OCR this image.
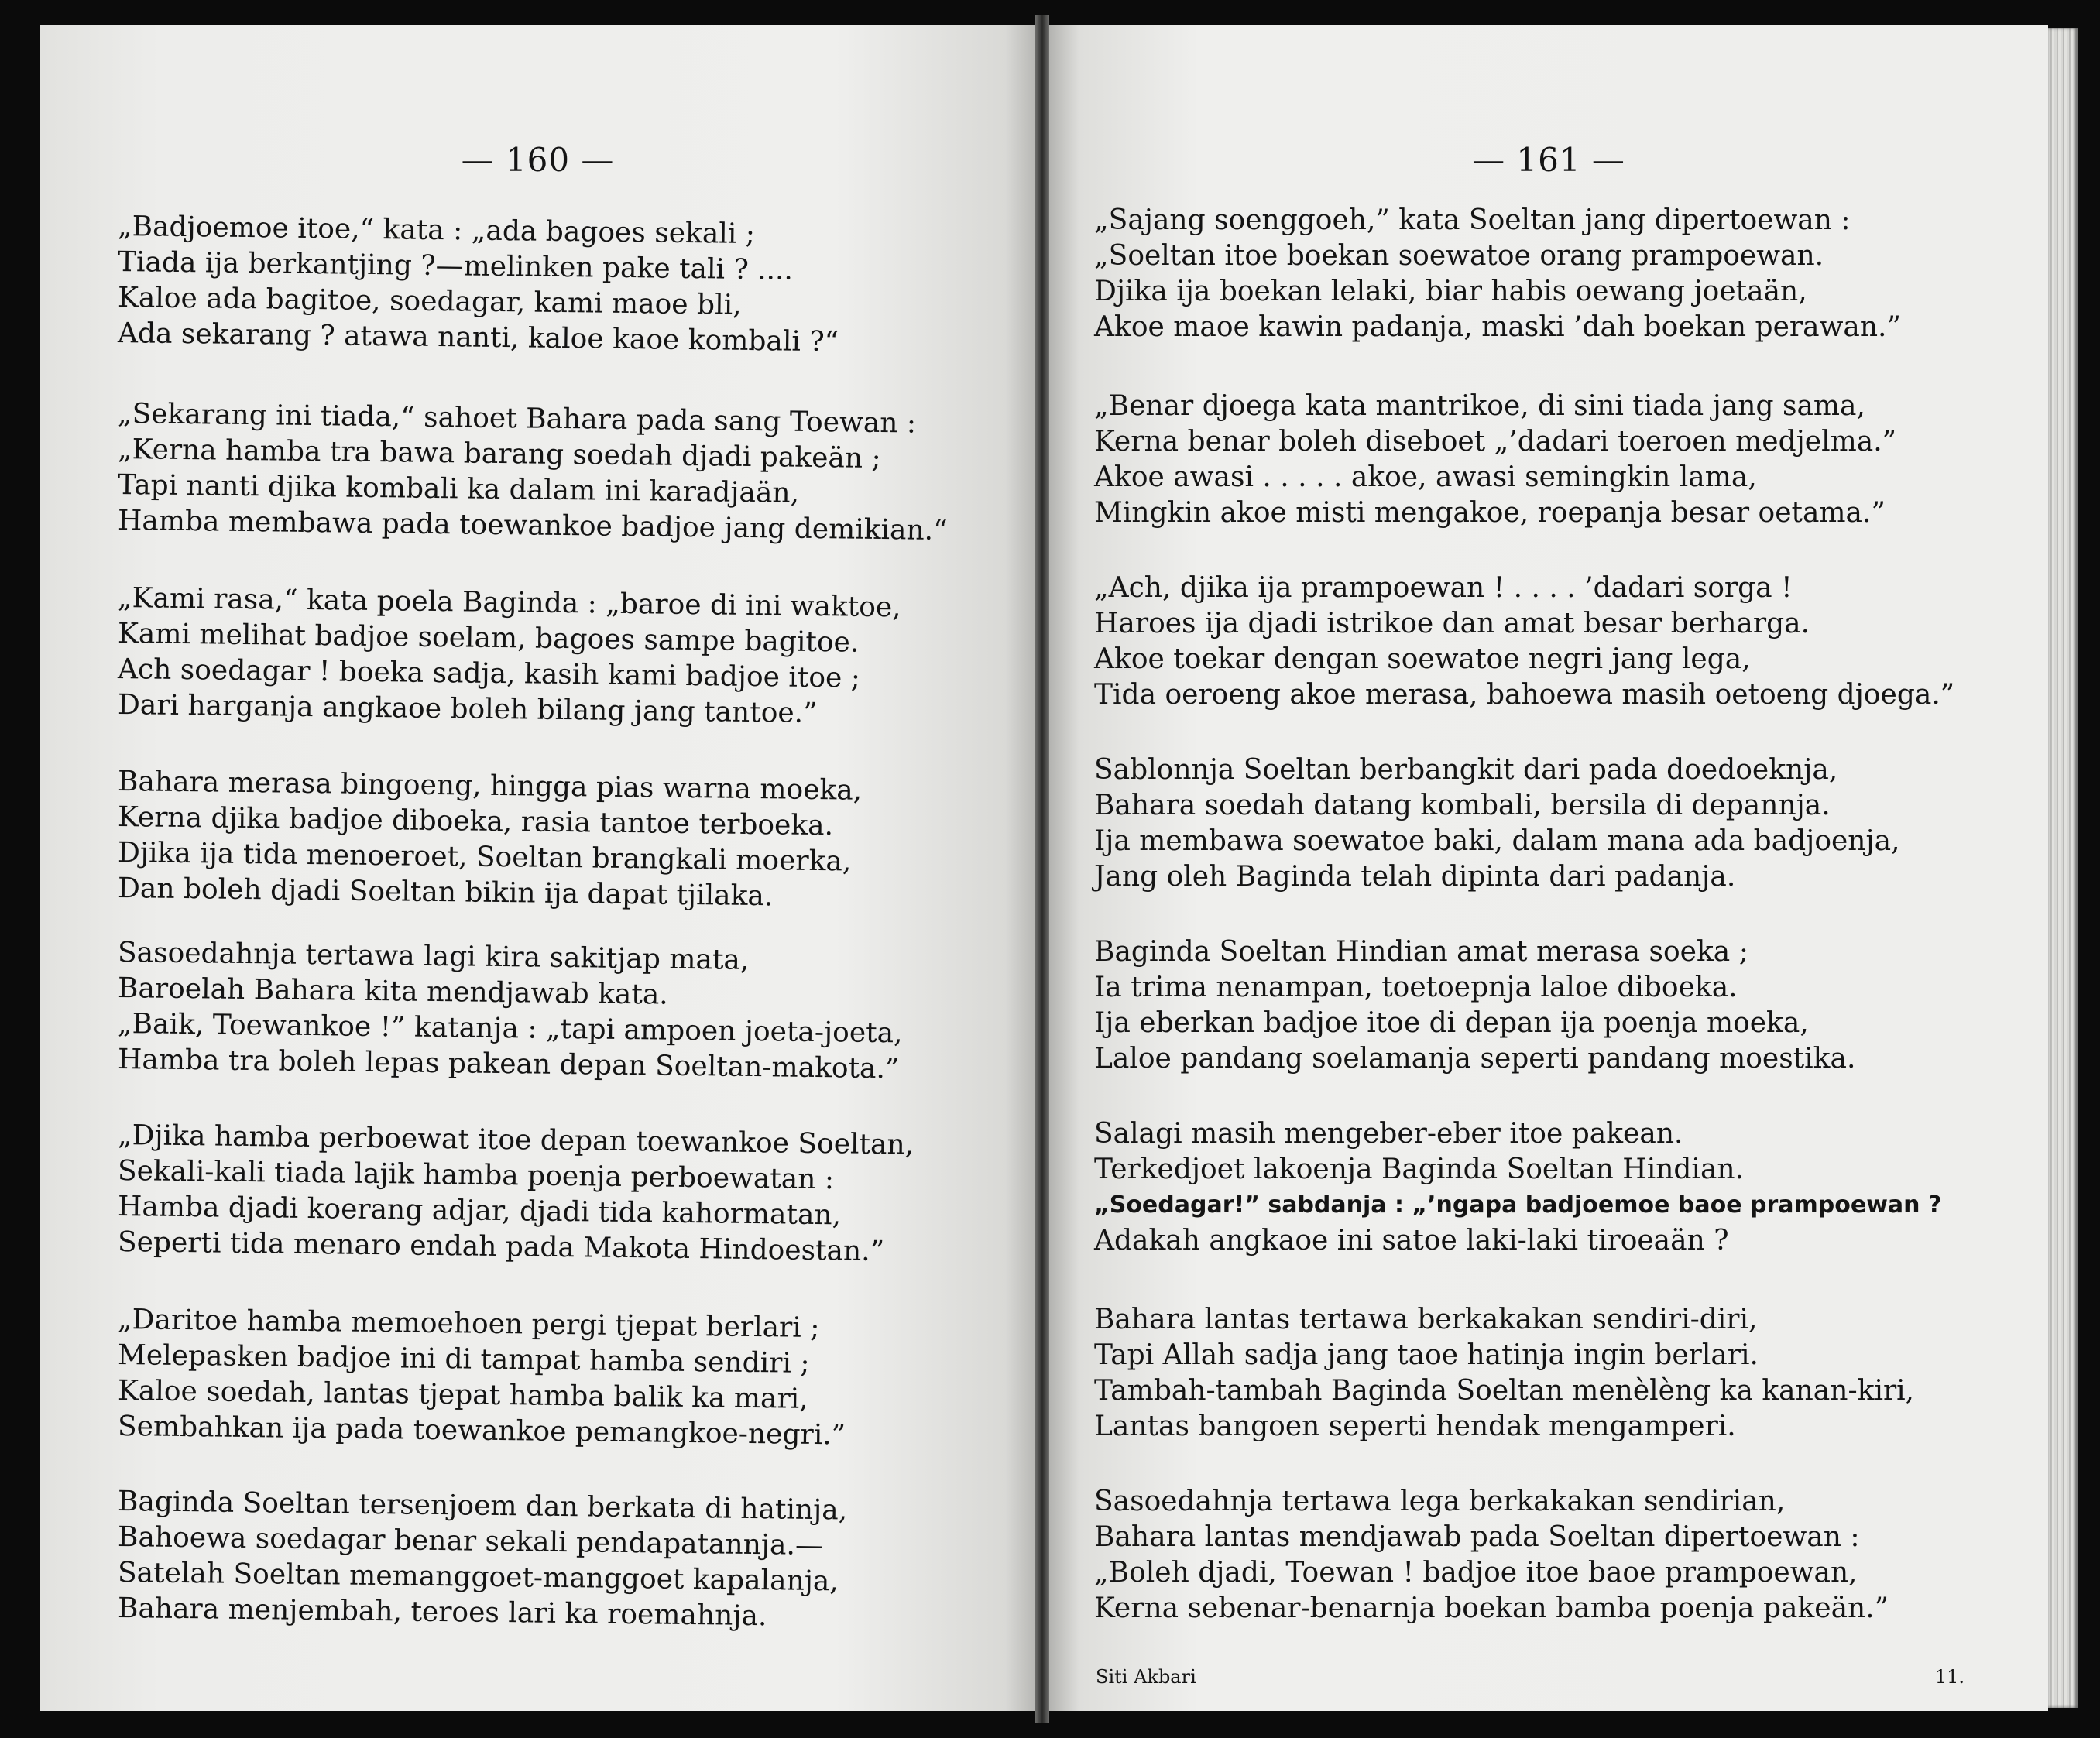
— 160 —
„Badjoemoe itoe,“ kata : „ada bagoes sekali ;
Tiada ija berkantjing ?—melinken pake tali ? ....
Kaloe ada bagitoe, soedagar, kami maoe bli,
Ada sekarang ? atawa nanti, kaloe kaoe kombali ?“
„Sekarang ini tiada,“ sahoet Bahara pada sang Toewan :
„Kerna hamba tra bawa barang soedah djadi pakeän ;
Tapi nanti djika kombali ka dalam ini karadjaän,
Hamba membawa pada toewankoe badjoe jang demikian.“
„Kami rasa,“ kata poela Baginda : „baroe di ini waktoe,
Kami melihat badjoe soelam, bagoes sampe bagitoe.
Ach soedagar ! boeka sadja, kasih kami badjoe itoe ;
Dari harganja angkaoe boleh bilang jang tantoe.”
Bahara merasa bingoeng, hingga pias warna moeka,
Kerna djika badjoe diboeka, rasia tantoe terboeka.
Djika ija tida menoeroet, Soeltan brangkali moerka,
Dan boleh djadi Soeltan bikin ija dapat tjilaka.
Sasoedahnja tertawa lagi kira sakitjap mata,
Baroelah Bahara kita mendjawab kata.
„Baik, Toewankoe !” katanja : „tapi ampoen joeta-joeta,
Hamba tra boleh lepas pakean depan Soeltan-makota.”
„Djika hamba perboewat itoe depan toewankoe Soeltan,
Sekali-kali tiada lajik hamba poenja perboewatan :
Hamba djadi koerang adjar, djadi tida kahormatan,
Seperti tida menaro endah pada Makota Hindoestan.”
„Daritoe hamba memoehoen pergi tjepat berlari ;
Melepasken badjoe ini di tampat hamba sendiri ;
Kaloe soedah, lantas tjepat hamba balik ka mari,
Sembahkan ija pada toewankoe pemangkoe-negri.”
Baginda Soeltan tersenjoem dan berkata di hatinja,
Bahoewa soedagar benar sekali pendapatannja.—
Satelah Soeltan memanggoet-manggoet kapalanja,
Bahara menjembah, teroes lari ka roemahnja.
— 161 —
„Sajang soenggoeh,” kata Soeltan jang dipertoewan :
„Soeltan itoe boekan soewatoe orang prampoewan.
Djika ija boekan lelaki, biar habis oewang joetaän,
Akoe maoe kawin padanja, maski ’dah boekan perawan.”
„Benar djoega kata mantrikoe, di sini tiada jang sama,
Kerna benar boleh diseboet „’dadari toeroen medjelma.”
Akoe awasi . . . . . akoe, awasi semingkin lama,
Mingkin akoe misti mengakoe, roepanja besar oetama.”
„Ach, djika ija prampoewan ! . . . . ’dadari sorga !
Haroes ija djadi istrikoe dan amat besar berharga.
Akoe toekar dengan soewatoe negri jang lega,
Tida oeroeng akoe merasa, bahoewa masih oetoeng djoega.”
Sablonnja Soeltan berbangkit dari pada doedoeknja,
Bahara soedah datang kombali, bersila di depannja.
Ija membawa soewatoe baki, dalam mana ada badjoenja,
Jang oleh Baginda telah dipinta dari padanja.
Baginda Soeltan Hindian amat merasa soeka ;
Ia trima nenampan, toetoepnja laloe diboeka.
Ija eberkan badjoe itoe di depan ija poenja moeka,
Laloe pandang soelamanja seperti pandang moestika.
Salagi masih mengeber-eber itoe pakean.
Terkedjoet lakoenja Baginda Soeltan Hindian.
„Soedagar!” sabdanja : „’ngapa badjoemoe baoe prampoewan ?
Adakah angkaoe ini satoe laki-laki tiroeaän ?
Bahara lantas tertawa berkakakan sendiri-diri,
Tapi Allah sadja jang taoe hatinja ingin berlari.
Tambah-tambah Baginda Soeltan menèlèng ka kanan-kiri,
Lantas bangoen seperti hendak mengamperi.
Sasoedahnja tertawa lega berkakakan sendirian,
Bahara lantas mendjawab pada Soeltan dipertoewan :
„Boleh djadi, Toewan ! badjoe itoe baoe prampoewan,
Kerna sebenar-benarnja boekan bamba poenja pakeän.”
Siti Akbari	11.
